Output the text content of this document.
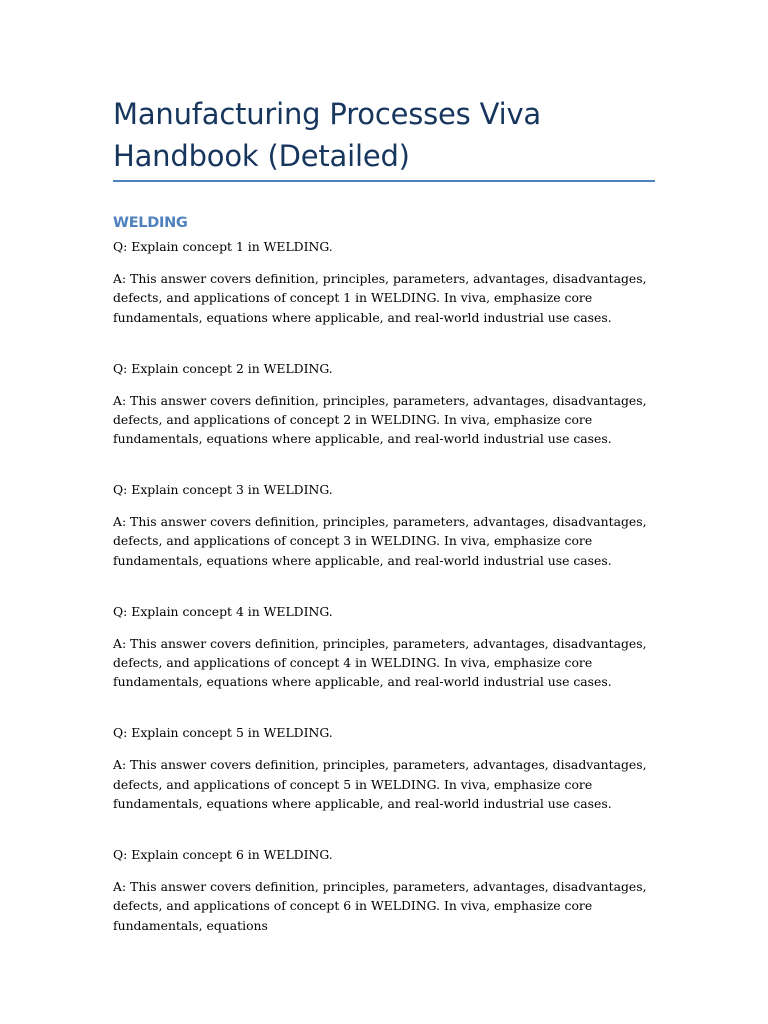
Manufacturing Processes Viva Handbook (Detailed)
WELDING

Q: Explain concept 1 in WELDING.

A: This answer covers definition, principles, parameters, advantages, disadvantages, defects, and applications of concept 1 in WELDING. In viva, emphasize core fundamentals, equations where applicable, and real-world industrial use cases.

Q: Explain concept 2 in WELDING.

A: This answer covers definition, principles, parameters, advantages, disadvantages, defects, and applications of concept 2 in WELDING. In viva, emphasize core fundamentals, equations where applicable, and real-world industrial use cases.

Q: Explain concept 3 in WELDING.

A: This answer covers definition, principles, parameters, advantages, disadvantages, defects, and applications of concept 3 in WELDING. In viva, emphasize core fundamentals, equations where applicable, and real-world industrial use cases.

Q: Explain concept 4 in WELDING.

A: This answer covers definition, principles, parameters, advantages, disadvantages, defects, and applications of concept 4 in WELDING. In viva, emphasize core fundamentals, equations where applicable, and real-world industrial use cases.

Q: Explain concept 5 in WELDING.

A: This answer covers definition, principles, parameters, advantages, disadvantages, defects, and applications of concept 5 in WELDING. In viva, emphasize core fundamentals, equations where applicable, and real-world industrial use cases.

Q: Explain concept 6 in WELDING.

A: This answer covers definition, principles, parameters, advantages, disadvantages, defects, and applications of concept 6 in WELDING. In viva, emphasize core fundamentals, equations
